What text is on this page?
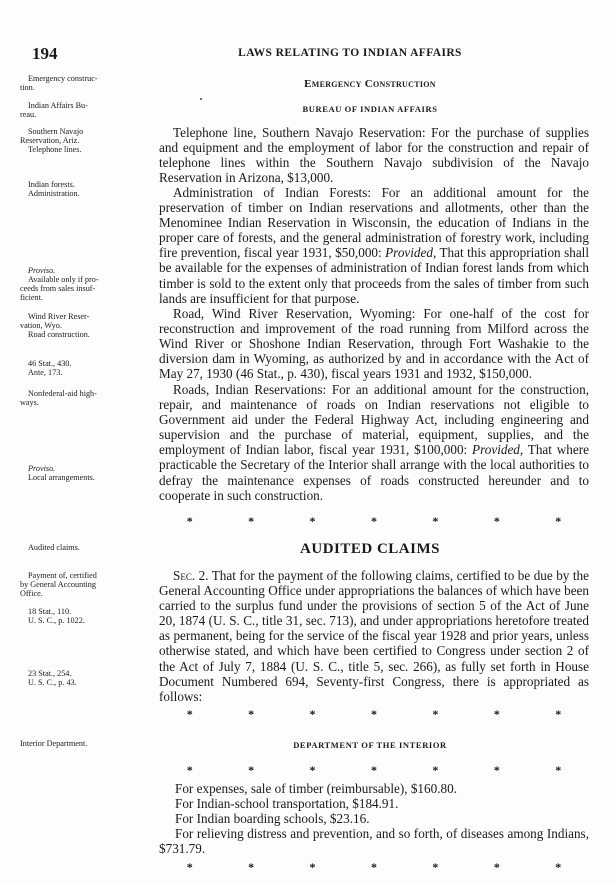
194	LAWS RELATING TO INDIAN AFFAIRS
Emergency construc-
tion.
Indian Affairs Bu-
reau.
Southern Navajo
Reservation, Ariz.
Telephone lines.
Indian forests.
Administration.
Proviso.
Available only if pro-
ceeds from sales insuf-
ficient.
Wind River Reser-
vation, Wyo.
Road construction.
46 Stat., 430.
Ante, 173.
Nonfederal-aid high-
ways.
Proviso.
Local arrangements.
Audited claims.
Payment of, certified
by General Accounting
Office.
18 Stat., 110.
U. S. C., p. 1022.
23 Stat., 254.
U. S. C., p. 43.
Interior Department.
Emergency Construction
BUREAU OF INDIAN AFFAIRS

Telephone line, Southern Navajo Reservation: For the purchase of supplies and equipment and the employment of labor for the construction and repair of telephone lines within the Southern Navajo subdivision of the Navajo Reservation in Arizona, $13,000.

Administration of Indian Forests: For an additional amount for the preservation of timber on Indian reservations and allotments, other than the Menominee Indian Reservation in Wisconsin, the education of Indians in the proper care of forests, and the general administration of forestry work, including fire prevention, fiscal year 1931, $50,000: Provided, That this appropriation shall be available for the expenses of administration of Indian forest lands from which timber is sold to the extent only that proceeds from the sales of timber from such lands are insufficient for that purpose.

Road, Wind River Reservation, Wyoming: For one-half of the cost for reconstruction and improvement of the road running from Milford across the Wind River or Shoshone Indian Reservation, through Fort Washakie to the diversion dam in Wyoming, as authorized by and in accordance with the Act of May 27, 1930 (46 Stat., p. 430), fiscal years 1931 and 1932, $150,000.

Roads, Indian Reservations: For an additional amount for the construction, repair, and maintenance of roads on Indian reservations not eligible to Government aid under the Federal Highway Act, including engineering and supervision and the purchase of material, equipment, supplies, and the employment of Indian labor, fiscal year 1931, $100,000: Provided, That where practicable the Secretary of the Interior shall arrange with the local authorities to defray the maintenance expenses of roads constructed hereunder and to cooperate in such construction.

*	*	*	*	*	*	*
AUDITED CLAIMS

Sec. 2. That for the payment of the following claims, certified to be due by the General Accounting Office under appropriations the balances of which have been carried to the surplus fund under the provisions of section 5 of the Act of June 20, 1874 (U. S. C., title 31, sec. 713), and under appropriations heretofore treated as permanent, being for the service of the fiscal year 1928 and prior years, unless otherwise stated, and which have been certified to Congress under section 2 of the Act of July 7, 1884 (U. S. C., title 5, sec. 266), as fully set forth in House Document Numbered 694, Seventy-first Congress, there is appropriated as follows:

*	*	*	*	*	*	*
DEPARTMENT OF THE INTERIOR
*	*	*	*	*	*	*

For expenses, sale of timber (reimbursable), $160.80.

For Indian-school transportation, $184.91.

For Indian boarding schools, $23.16.

For relieving distress and prevention, and so forth, of diseases among Indians, $731.79.

*	*	*	*	*	*	*
